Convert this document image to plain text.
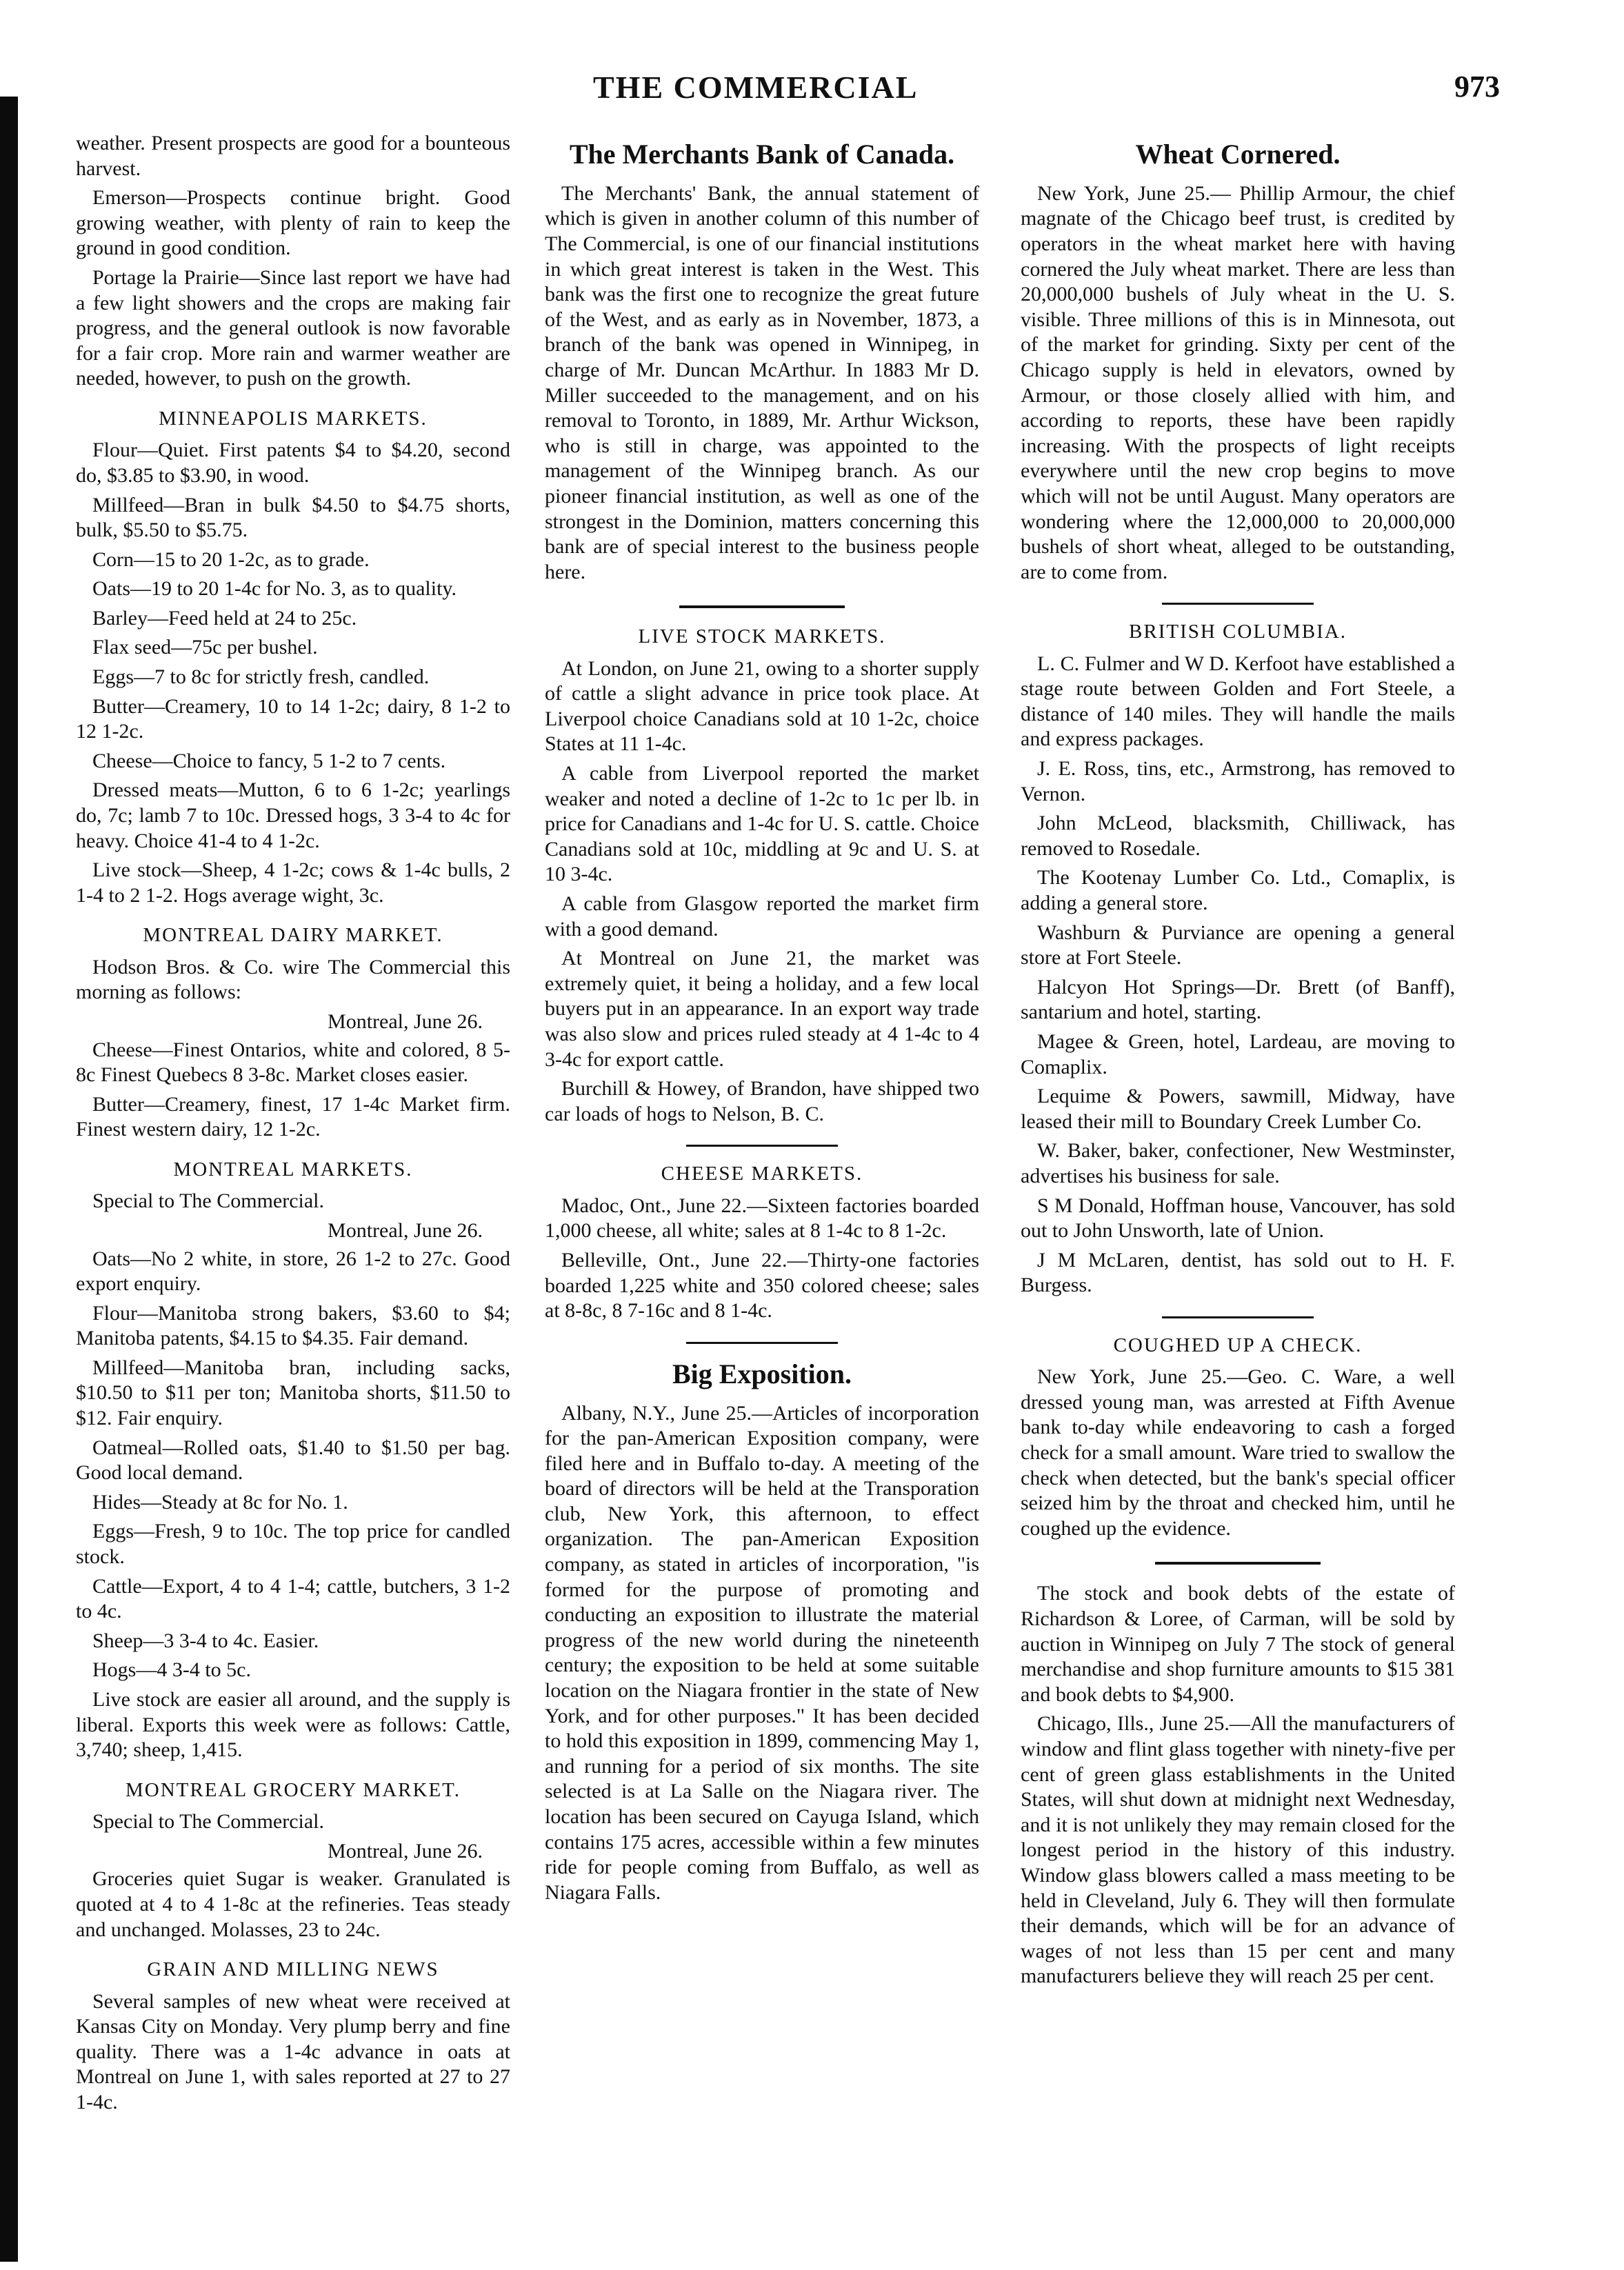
THE COMMERCIAL	973

weather. Present prospects are good for a bounteous harvest.

Emerson—Prospects continue bright. Good growing weather, with plenty of rain to keep the ground in good condition.

Portage la Prairie—Since last report we have had a few light showers and the crops are making fair progress, and the general outlook is now favorable for a fair crop. More rain and warmer weather are needed, however, to push on the growth.

MINNEAPOLIS MARKETS.

Flour—Quiet. First patents $4 to $4.20, second do, $3.85 to $3.90, in wood.

Millfeed—Bran in bulk $4.50 to $4.75 shorts, bulk, $5.50 to $5.75.

Corn—15 to 20 1-2c, as to grade.

Oats—19 to 20 1-4c for No. 3, as to quality.

Barley—Feed held at 24 to 25c.

Flax seed—75c per bushel.

Eggs—7 to 8c for strictly fresh, candled.

Butter—Creamery, 10 to 14 1-2c; dairy, 8 1-2 to 12 1-2c.

Cheese—Choice to fancy, 5 1-2 to 7 cents.

Dressed meats—Mutton, 6 to 6 1-2c; yearlings do, 7c; lamb 7 to 10c. Dressed hogs, 3 3-4 to 4c for heavy. Choice 41-4 to 4 1-2c.

Live stock—Sheep, 4 1-2c; cows & 1-4c bulls, 2 1-4 to 2 1-2. Hogs average wight, 3c.

MONTREAL DAIRY MARKET.

Hodson Bros. & Co. wire The Commercial this morning as follows:

Montreal, June 26.

Cheese—Finest Ontarios, white and colored, 8 5-8c Finest Quebecs 8 3-8c. Market closes easier.

Butter—Creamery, finest, 17 1-4c Market firm. Finest western dairy, 12 1-2c.

MONTREAL MARKETS.

Special to The Commercial.

Montreal, June 26.

Oats—No 2 white, in store, 26 1-2 to 27c. Good export enquiry.

Flour—Manitoba strong bakers, $3.60 to $4; Manitoba patents, $4.15 to $4.35. Fair demand.

Millfeed—Manitoba bran, including sacks, $10.50 to $11 per ton; Manitoba shorts, $11.50 to $12. Fair enquiry.

Oatmeal—Rolled oats, $1.40 to $1.50 per bag. Good local demand.

Hides—Steady at 8c for No. 1.

Eggs—Fresh, 9 to 10c. The top price for candled stock.

Cattle—Export, 4 to 4 1-4; cattle, butchers, 3 1-2 to 4c.

Sheep—3 3-4 to 4c. Easier.

Hogs—4 3-4 to 5c.

Live stock are easier all around, and the supply is liberal. Exports this week were as follows: Cattle, 3,740; sheep, 1,415.

MONTREAL GROCERY MARKET.

Special to The Commercial.

Montreal, June 26.

Groceries quiet Sugar is weaker. Granulated is quoted at 4 to 4 1-8c at the refineries. Teas steady and unchanged. Molasses, 23 to 24c.

GRAIN AND MILLING NEWS

Several samples of new wheat were received at Kansas City on Monday. Very plump berry and fine quality. There was a 1-4c advance in oats at Montreal on June 1, with sales reported at 27 to 27 1-4c.

The Merchants Bank of Canada.

The Merchants' Bank, the annual statement of which is given in another column of this number of The Commercial, is one of our financial institutions in which great interest is taken in the West. This bank was the first one to recognize the great future of the West, and as early as in November, 1873, a branch of the bank was opened in Winnipeg, in charge of Mr. Duncan McArthur. In 1883 Mr D. Miller succeeded to the management, and on his removal to Toronto, in 1889, Mr. Arthur Wickson, who is still in charge, was appointed to the management of the Winnipeg branch. As our pioneer financial institution, as well as one of the strongest in the Dominion, matters concerning this bank are of special interest to the business people here.

LIVE STOCK MARKETS.

At London, on June 21, owing to a shorter supply of cattle a slight advance in price took place. At Liverpool choice Canadians sold at 10 1-2c, choice States at 11 1-4c.

A cable from Liverpool reported the market weaker and noted a decline of 1-2c to 1c per lb. in price for Canadians and 1-4c for U. S. cattle. Choice Canadians sold at 10c, middling at 9c and U. S. at 10 3-4c.

A cable from Glasgow reported the market firm with a good demand.

At Montreal on June 21, the market was extremely quiet, it being a holiday, and a few local buyers put in an appearance. In an export way trade was also slow and prices ruled steady at 4 1-4c to 4 3-4c for export cattle.

Burchill & Howey, of Brandon, have shipped two car loads of hogs to Nelson, B. C.

CHEESE MARKETS.

Madoc, Ont., June 22.—Sixteen factories boarded 1,000 cheese, all white; sales at 8 1-4c to 8 1-2c.

Belleville, Ont., June 22.—Thirty-one factories boarded 1,225 white and 350 colored cheese; sales at 8-8c, 8 7-16c and 8 1-4c.

Big Exposition.

Albany, N.Y., June 25.—Articles of incorporation for the pan-American Exposition company, were filed here and in Buffalo to-day. A meeting of the board of directors will be held at the Transporation club, New York, this afternoon, to effect organization. The pan-American Exposition company, as stated in articles of incorporation, "is formed for the purpose of promoting and conducting an exposition to illustrate the material progress of the new world during the nineteenth century; the exposition to be held at some suitable location on the Niagara frontier in the state of New York, and for other purposes." It has been decided to hold this exposition in 1899, commencing May 1, and running for a period of six months. The site selected is at La Salle on the Niagara river. The location has been secured on Cayuga Island, which contains 175 acres, accessible within a few minutes ride for people coming from Buffalo, as well as Niagara Falls.

Wheat Cornered.

New York, June 25.— Phillip Armour, the chief magnate of the Chicago beef trust, is credited by operators in the wheat market here with having cornered the July wheat market. There are less than 20,000,000 bushels of July wheat in the U. S. visible. Three millions of this is in Minnesota, out of the market for grinding. Sixty per cent of the Chicago supply is held in elevators, owned by Armour, or those closely allied with him, and according to reports, these have been rapidly increasing. With the prospects of light receipts everywhere until the new crop begins to move which will not be until August. Many operators are wondering where the 12,000,000 to 20,000,000 bushels of short wheat, alleged to be outstanding, are to come from.

BRITISH COLUMBIA.

L. C. Fulmer and W D. Kerfoot have established a stage route between Golden and Fort Steele, a distance of 140 miles. They will handle the mails and express packages.

J. E. Ross, tins, etc., Armstrong, has removed to Vernon.

John McLeod, blacksmith, Chilliwack, has removed to Rosedale.

The Kootenay Lumber Co. Ltd., Comaplix, is adding a general store.

Washburn & Purviance are opening a general store at Fort Steele.

Halcyon Hot Springs—Dr. Brett (of Banff), santarium and hotel, starting.

Magee & Green, hotel, Lardeau, are moving to Comaplix.

Lequime & Powers, sawmill, Midway, have leased their mill to Boundary Creek Lumber Co.

W. Baker, baker, confectioner, New Westminster, advertises his business for sale.

S M Donald, Hoffman house, Vancouver, has sold out to John Unsworth, late of Union.

J M McLaren, dentist, has sold out to H. F. Burgess.

COUGHED UP A CHECK.

New York, June 25.—Geo. C. Ware, a well dressed young man, was arrested at Fifth Avenue bank to-day while endeavoring to cash a forged check for a small amount. Ware tried to swallow the check when detected, but the bank's special officer seized him by the throat and checked him, until he coughed up the evidence.

The stock and book debts of the estate of Richardson & Loree, of Carman, will be sold by auction in Winnipeg on July 7 The stock of general merchandise and shop furniture amounts to $15 381 and book debts to $4,900.

Chicago, Ills., June 25.—All the manufacturers of window and flint glass together with ninety-five per cent of green glass establishments in the United States, will shut down at midnight next Wednesday, and it is not unlikely they may remain closed for the longest period in the history of this industry. Window glass blowers called a mass meeting to be held in Cleveland, July 6. They will then formulate their demands, which will be for an advance of wages of not less than 15 per cent and many manufacturers believe they will reach 25 per cent.
